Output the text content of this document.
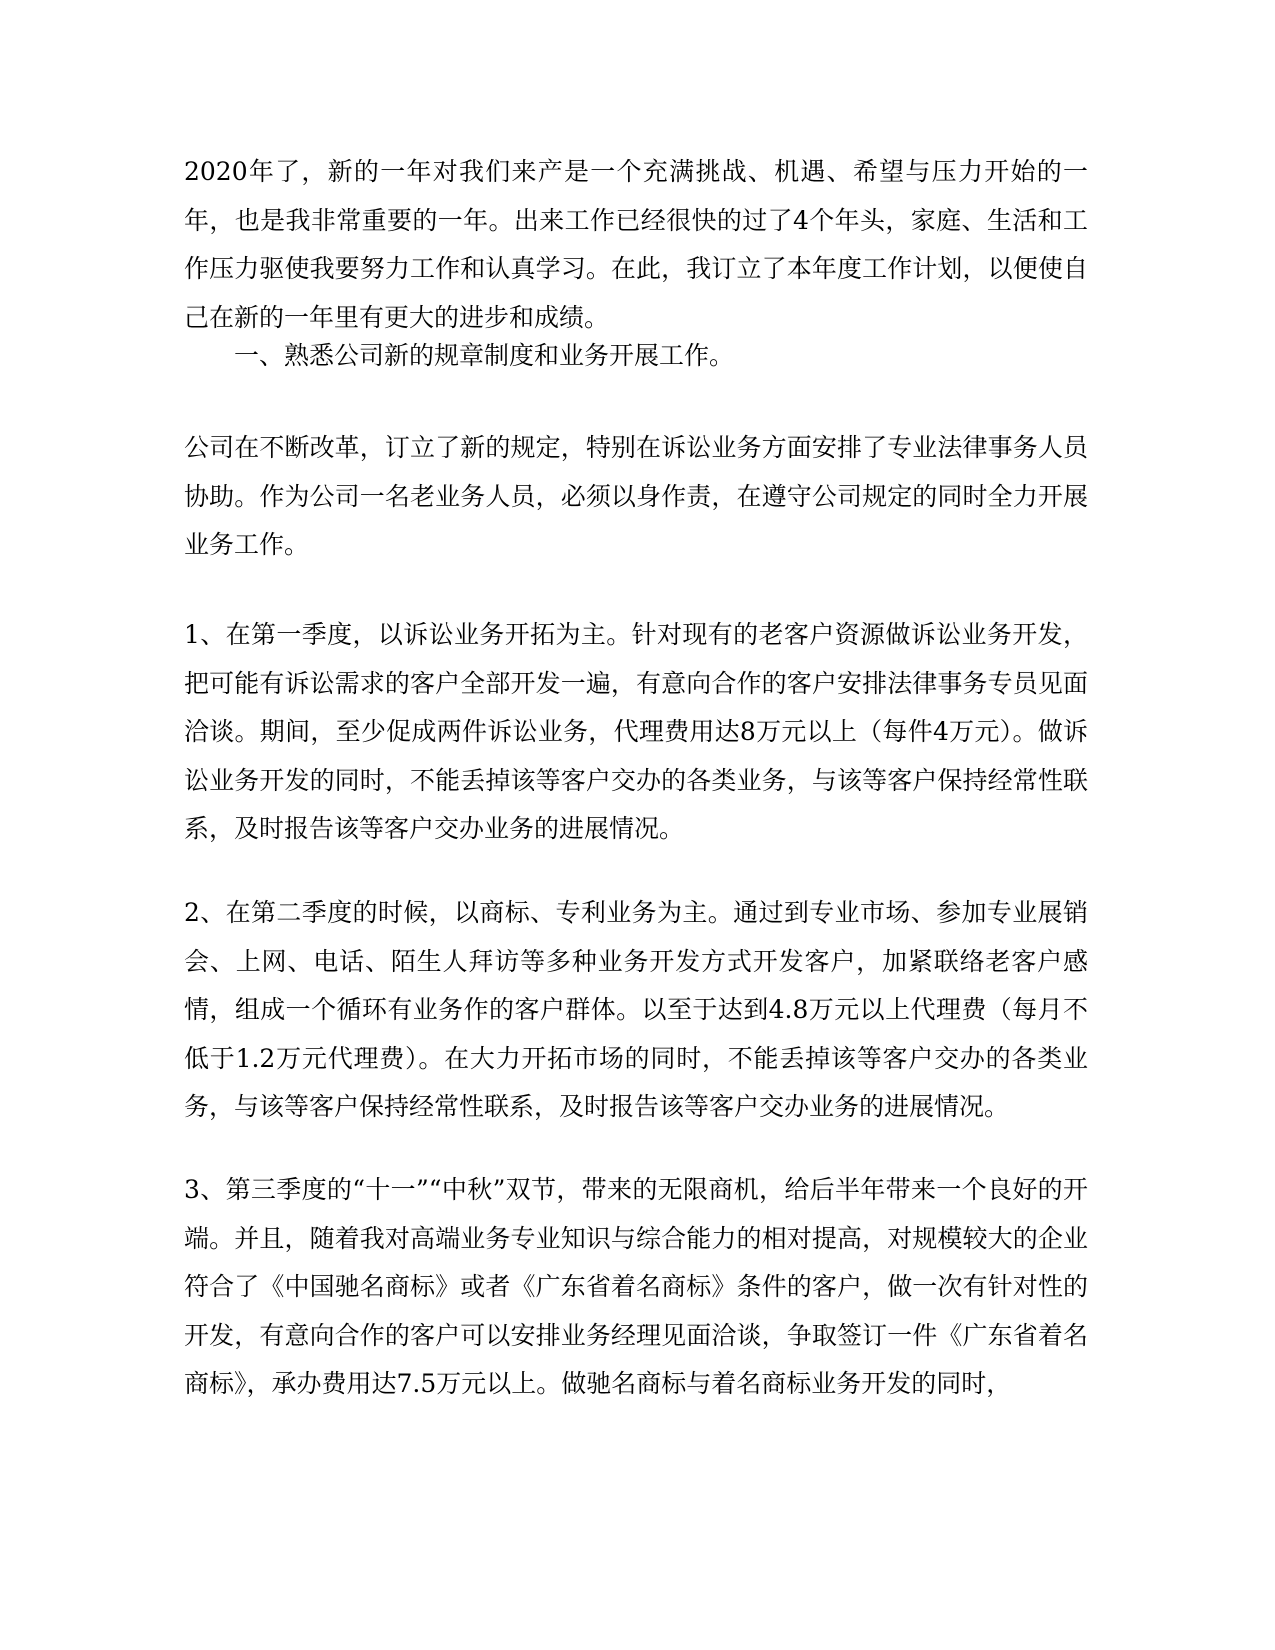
2020年了，新的一年对我们来产是一个充满挑战、机遇、希望与压力开始的一年，也是我非常重要的一年。出来工作已经很快的过了4个年头，家庭、生活和工作压力驱使我要努力工作和认真学习。在此，我订立了本年度工作计划，以便使自己在新的一年里有更大的进步和成绩。

一、熟悉公司新的规章制度和业务开展工作。

公司在不断改革，订立了新的规定，特别在诉讼业务方面安排了专业法律事务人员协助。作为公司一名老业务人员，必须以身作责，在遵守公司规定的同时全力开展业务工作。

1、在第一季度，以诉讼业务开拓为主。针对现有的老客户资源做诉讼业务开发，把可能有诉讼需求的客户全部开发一遍，有意向合作的客户安排法律事务专员见面洽谈。期间，至少促成两件诉讼业务，代理费用达8万元以上（每件4万元）。做诉讼业务开发的同时，不能丢掉该等客户交办的各类业务，与该等客户保持经常性联系，及时报告该等客户交办业务的进展情况。

2、在第二季度的时候，以商标、专利业务为主。通过到专业市场、参加专业展销会、上网、电话、陌生人拜访等多种业务开发方式开发客户，加紧联络老客户感情，组成一个循环有业务作的客户群体。以至于达到4.8万元以上代理费（每月不低于1.2万元代理费）。在大力开拓市场的同时，不能丢掉该等客户交办的各类业务，与该等客户保持经常性联系，及时报告该等客户交办业务的进展情况。

3、第三季度的“十一”“中秋”双节，带来的无限商机，给后半年带来一个良好的开端。并且，随着我对高端业务专业知识与综合能力的相对提高，对规模较大的企业符合了《中国驰名商标》或者《广东省着名商标》条件的客户，做一次有针对性的开发，有意向合作的客户可以安排业务经理见面洽谈，争取签订一件《广东省着名商标》，承办费用达7.5万元以上。做驰名商标与着名商标业务开发的同时，
